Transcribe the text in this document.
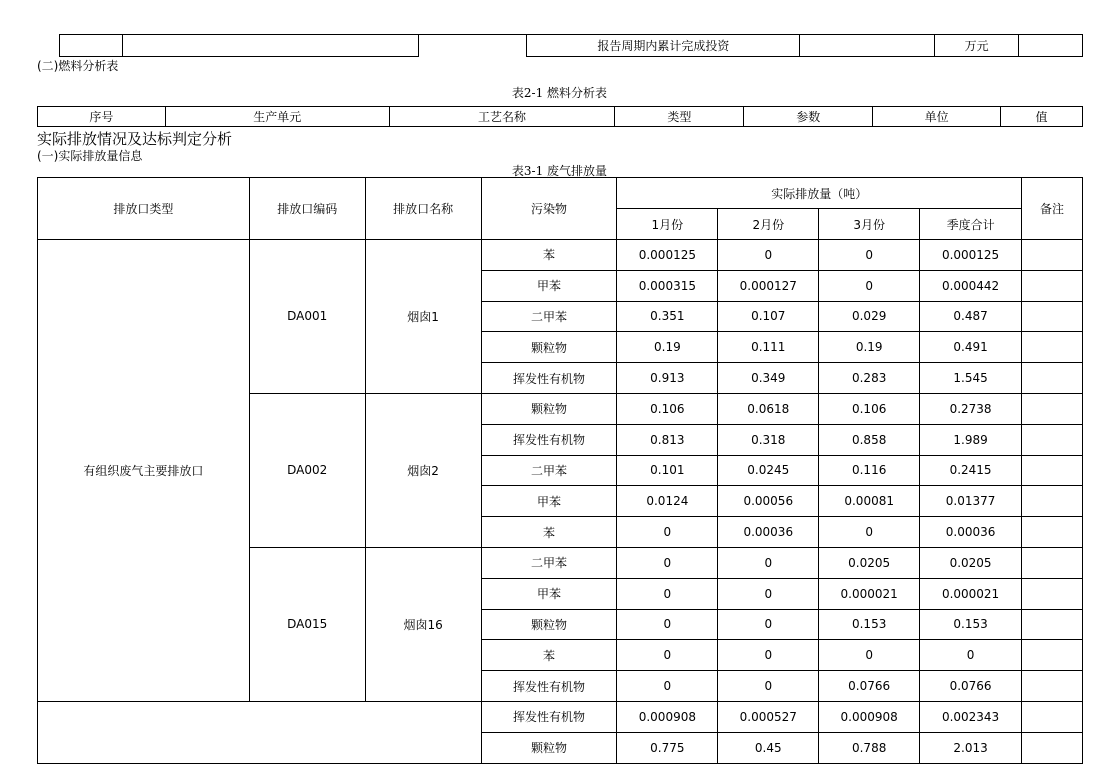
			报告周期内累计完成投资		万元	
(二)燃料分析表
表2-1 燃料分析表
序号	生产单元	工艺名称	类型	参数	单位	值
实际排放情况及达标判定分析
(一)实际排放量信息
表3-1 废气排放量
排放口类型	排放口编码	排放口名称	污染物	实际排放量（吨）				备注
				1月份	2月份	3月份	季度合计	
有组织废气主要排放口	DA001	烟囱1	苯	0.000125	0	0	0.000125	
			甲苯	0.000315	0.000127	0	0.000442	
			二甲苯	0.351	0.107	0.029	0.487	
			颗粒物	0.19	0.111	0.19	0.491	
			挥发性有机物	0.913	0.349	0.283	1.545	
	DA002	烟囱2	颗粒物	0.106	0.0618	0.106	0.2738	
			挥发性有机物	0.813	0.318	0.858	1.989	
			二甲苯	0.101	0.0245	0.116	0.2415	
			甲苯	0.0124	0.00056	0.00081	0.01377	
			苯	0	0.00036	0	0.00036	
	DA015	烟囱16	二甲苯	0	0	0.0205	0.0205	
			甲苯	0	0	0.000021	0.000021	
			颗粒物	0	0	0.153	0.153	
			苯	0	0	0	0	
			挥发性有机物	0	0	0.0766	0.0766	
			挥发性有机物	0.000908	0.000527	0.000908	0.002343	
			颗粒物	0.775	0.45	0.788	2.013	
